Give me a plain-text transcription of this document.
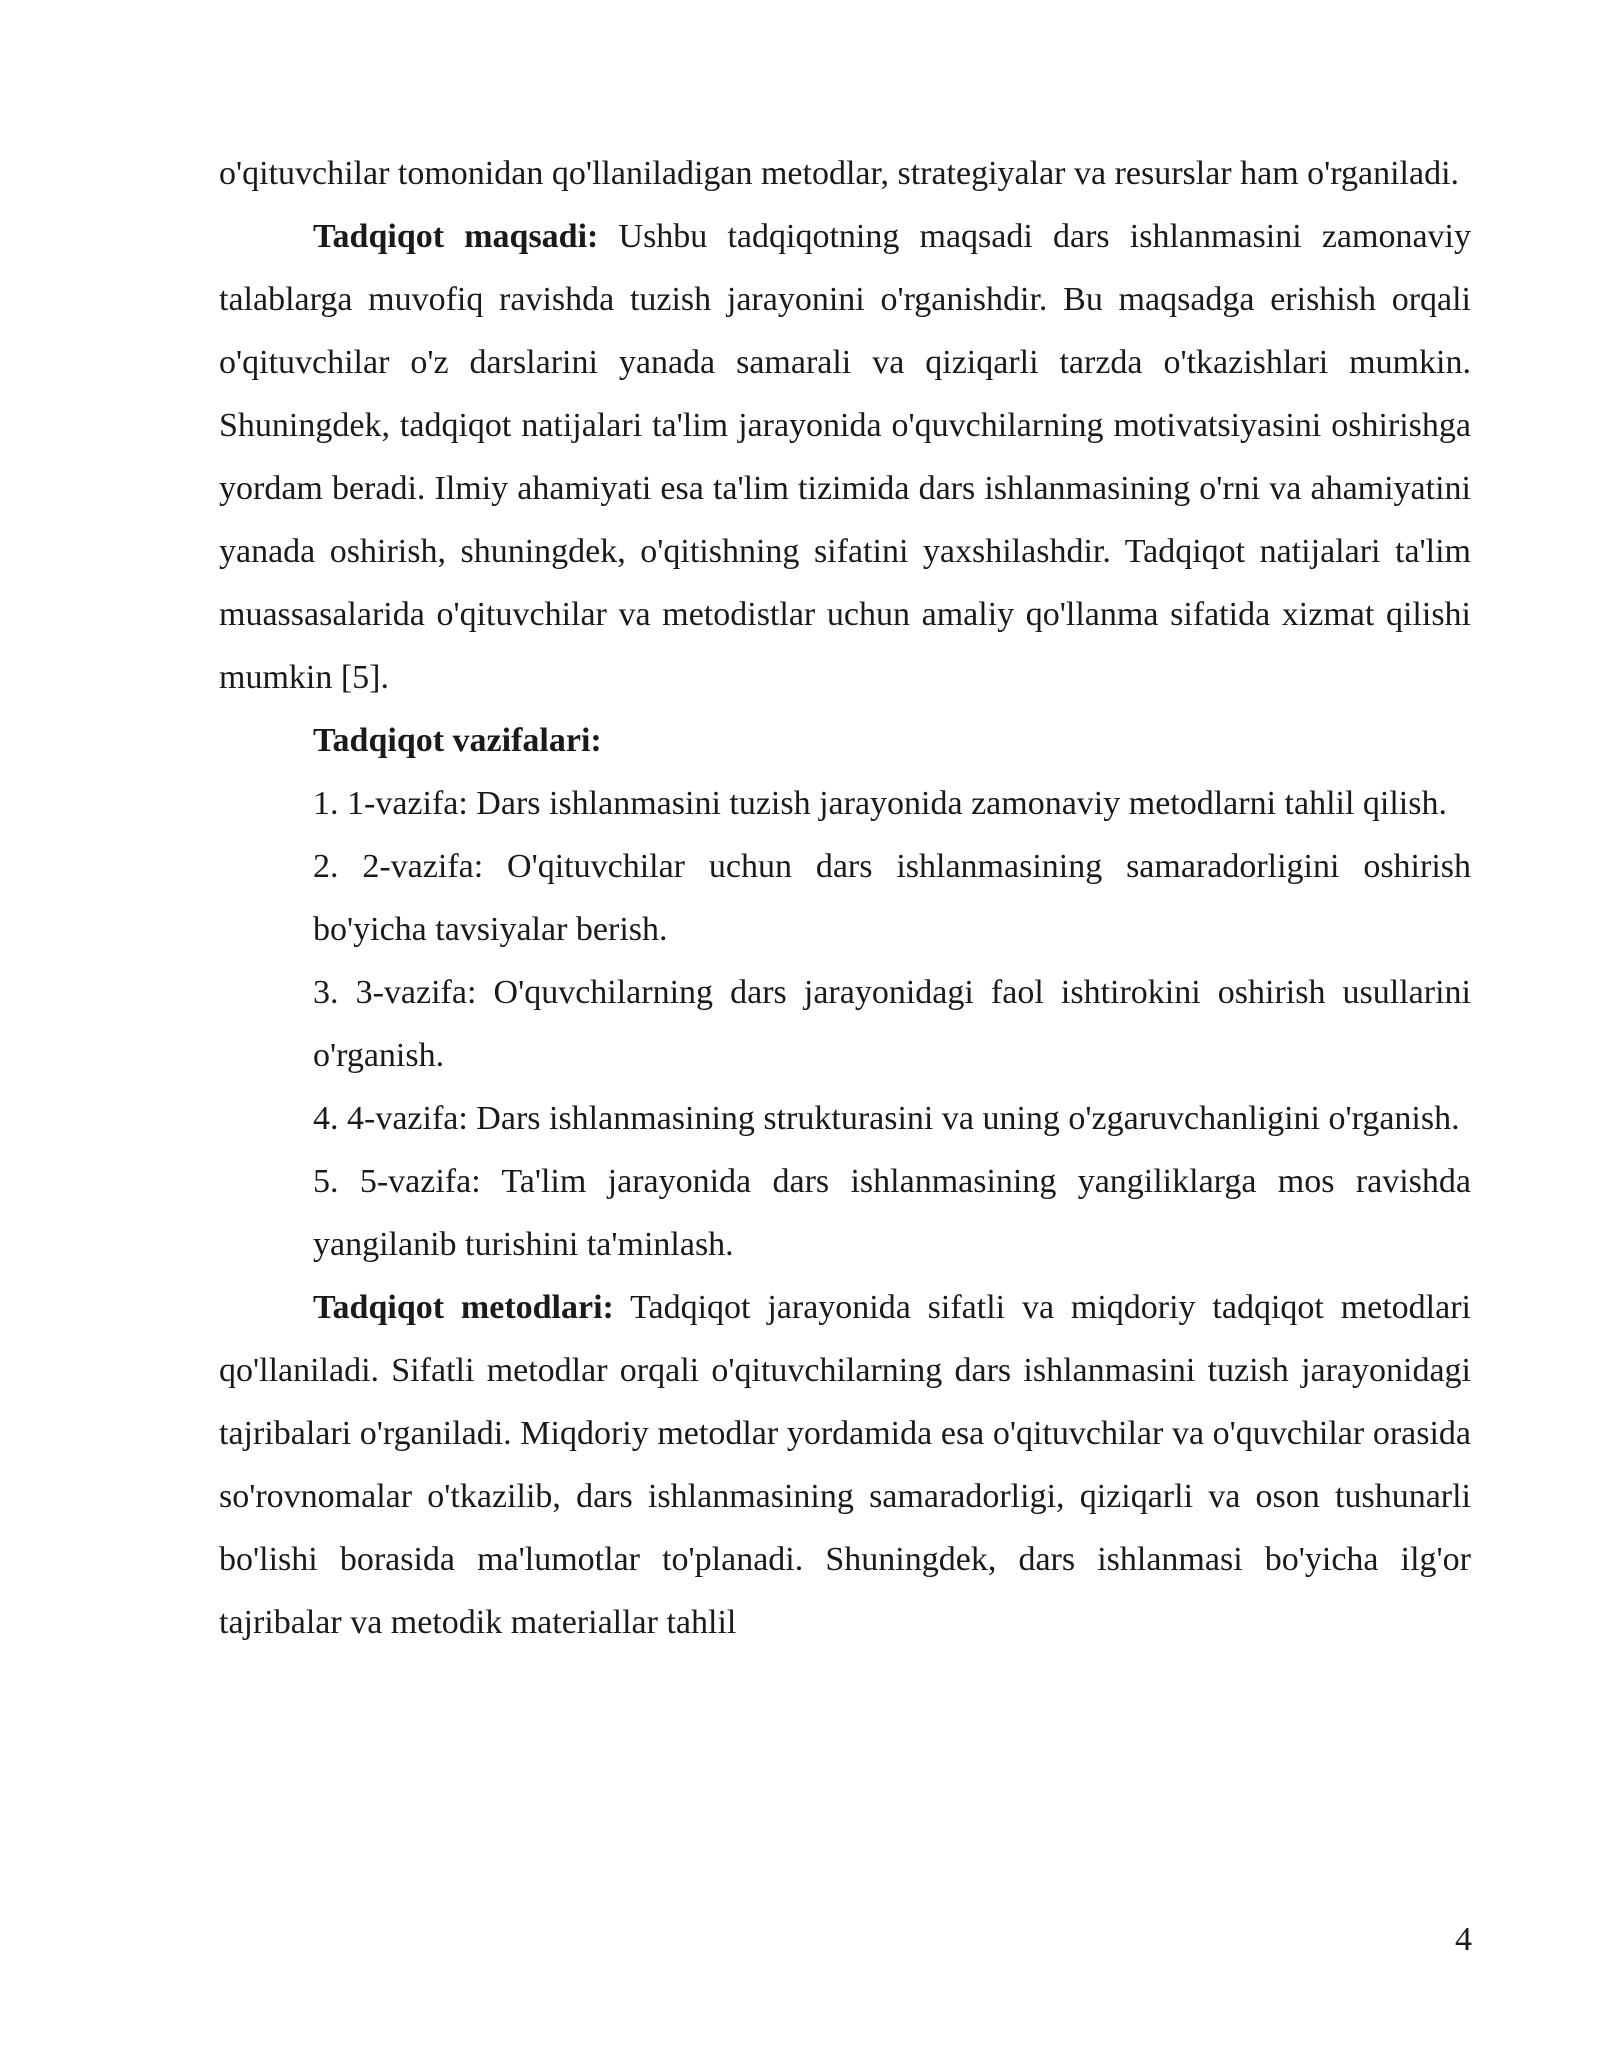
o'qituvchilar tomonidan qo'llaniladigan metodlar, strategiyalar va resurslar ham o'rganiladi.

Tadqiqot maqsadi: Ushbu tadqiqotning maqsadi dars ishlanmasini zamonaviy talablarga muvofiq ravishda tuzish jarayonini o'rganishdir. Bu maqsadga erishish orqali o'qituvchilar o'z darslarini yanada samarali va qiziqarli tarzda o'tkazishlari mumkin. Shuningdek, tadqiqot natijalari ta'lim jarayonida o'quvchilarning motivatsiyasini oshirishga yordam beradi. Ilmiy ahamiyati esa ta'lim tizimida dars ishlanmasining o'rni va ahamiyatini yanada oshirish, shuningdek, o'qitishning sifatini yaxshilashdir. Tadqiqot natijalari ta'lim muassasalarida o'qituvchilar va metodistlar uchun amaliy qo'llanma sifatida xizmat qilishi mumkin [5].

Tadqiqot vazifalari:

1. 1-vazifa: Dars ishlanmasini tuzish jarayonida zamonaviy metodlarni tahlil qilish.
2. 2-vazifa: O'qituvchilar uchun dars ishlanmasining samaradorligini oshirish bo'yicha tavsiyalar berish.
3. 3-vazifa: O'quvchilarning dars jarayonidagi faol ishtirokini oshirish usullarini o'rganish.
4. 4-vazifa: Dars ishlanmasining strukturasini va uning o'zgaruvchanligini o'rganish.
5. 5-vazifa: Ta'lim jarayonida dars ishlanmasining yangiliklarga mos ravishda yangilanib turishini ta'minlash.

Tadqiqot metodlari: Tadqiqot jarayonida sifatli va miqdoriy tadqiqot metodlari qo'llaniladi. Sifatli metodlar orqali o'qituvchilarning dars ishlanmasini tuzish jarayonidagi tajribalari o'rganiladi. Miqdoriy metodlar yordamida esa o'qituvchilar va o'quvchilar orasida so'rovnomalar o'tkazilib, dars ishlanmasining samaradorligi, qiziqarli va oson tushunarli bo'lishi borasida ma'lumotlar to'planadi. Shuningdek, dars ishlanmasi bo'yicha ilg'or tajribalar va metodik materiallar tahlil

4
